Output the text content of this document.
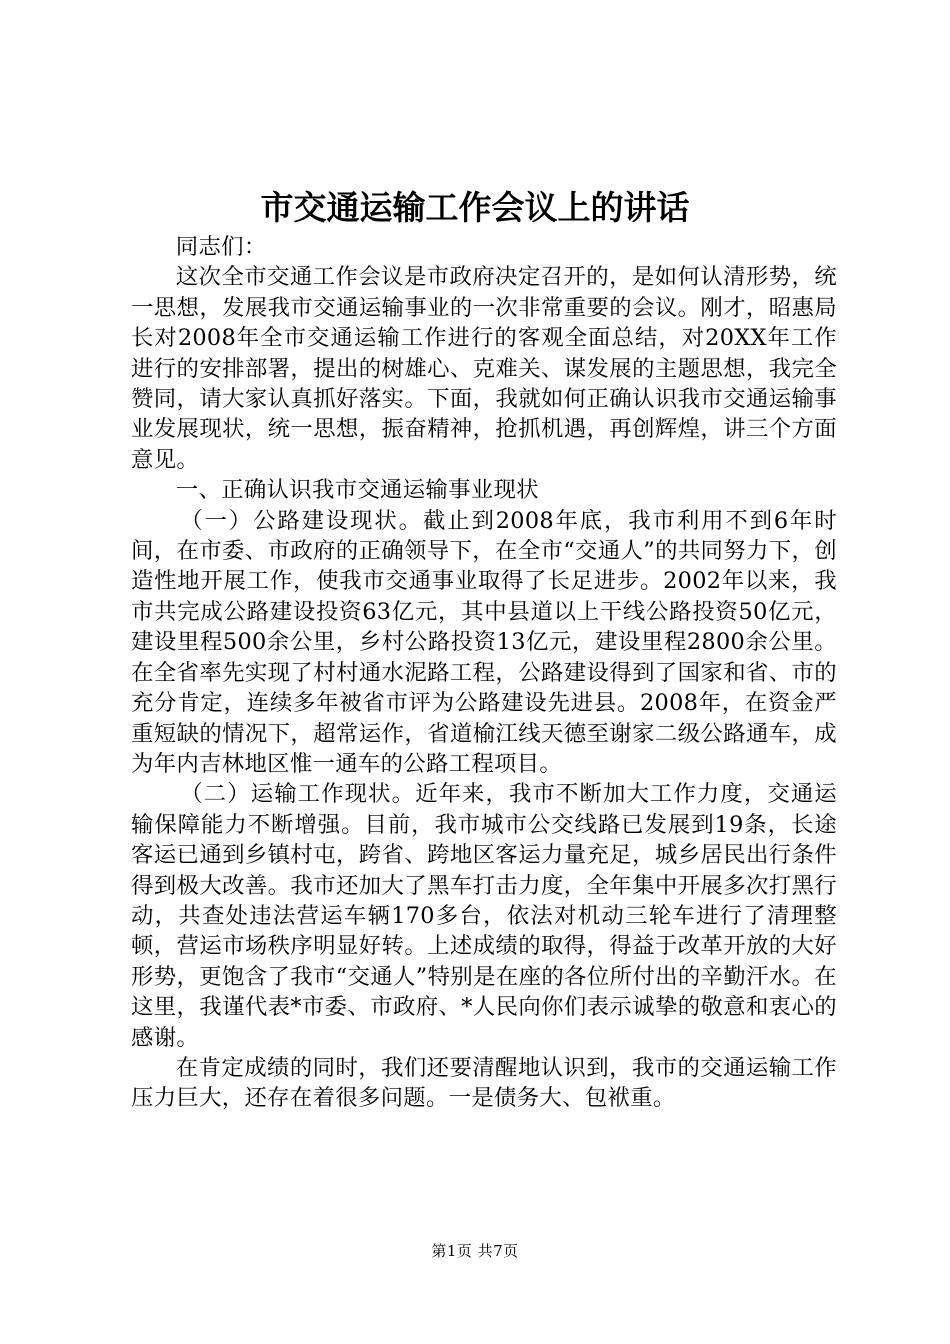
市交通运输工作会议上的讲话

同志们：

这次全市交通工作会议是市政府决定召开的，是如何认清形势，统一思想，发展我市交通运输事业的一次非常重要的会议。刚才，昭惠局长对2008年全市交通运输工作进行的客观全面总结，对20XX年工作进行的安排部署，提出的树雄心、克难关、谋发展的主题思想，我完全赞同，请大家认真抓好落实。下面，我就如何正确认识我市交通运输事业发展现状，统一思想，振奋精神，抢抓机遇，再创辉煌，讲三个方面意见。

一、正确认识我市交通运输事业现状

（一）公路建设现状。截止到2008年底，我市利用不到6年时间，在市委、市政府的正确领导下，在全市“交通人”的共同努力下，创造性地开展工作，使我市交通事业取得了长足进步。2002年以来，我市共完成公路建设投资63亿元，其中县道以上干线公路投资50亿元，建设里程500余公里，乡村公路投资13亿元，建设里程2800余公里。在全省率先实现了村村通水泥路工程，公路建设得到了国家和省、市的充分肯定，连续多年被省市评为公路建设先进县。2008年，在资金严重短缺的情况下，超常运作，省道榆江线天德至谢家二级公路通车，成为年内吉林地区惟一通车的公路工程项目。

（二）运输工作现状。近年来，我市不断加大工作力度，交通运输保障能力不断增强。目前，我市城市公交线路已发展到19条，长途客运已通到乡镇村屯，跨省、跨地区客运力量充足，城乡居民出行条件得到极大改善。我市还加大了黑车打击力度，全年集中开展多次打黑行动，共查处违法营运车辆170多台，依法对机动三轮车进行了清理整顿，营运市场秩序明显好转。上述成绩的取得，得益于改革开放的大好形势，更饱含了我市“交通人”特别是在座的各位所付出的辛勤汗水。在这里，我谨代表*市委、市政府、*人民向你们表示诚挚的敬意和衷心的感谢。

在肯定成绩的同时，我们还要清醒地认识到，我市的交通运输工作压力巨大，还存在着很多问题。一是债务大、包袱重。

第1页 共7页
